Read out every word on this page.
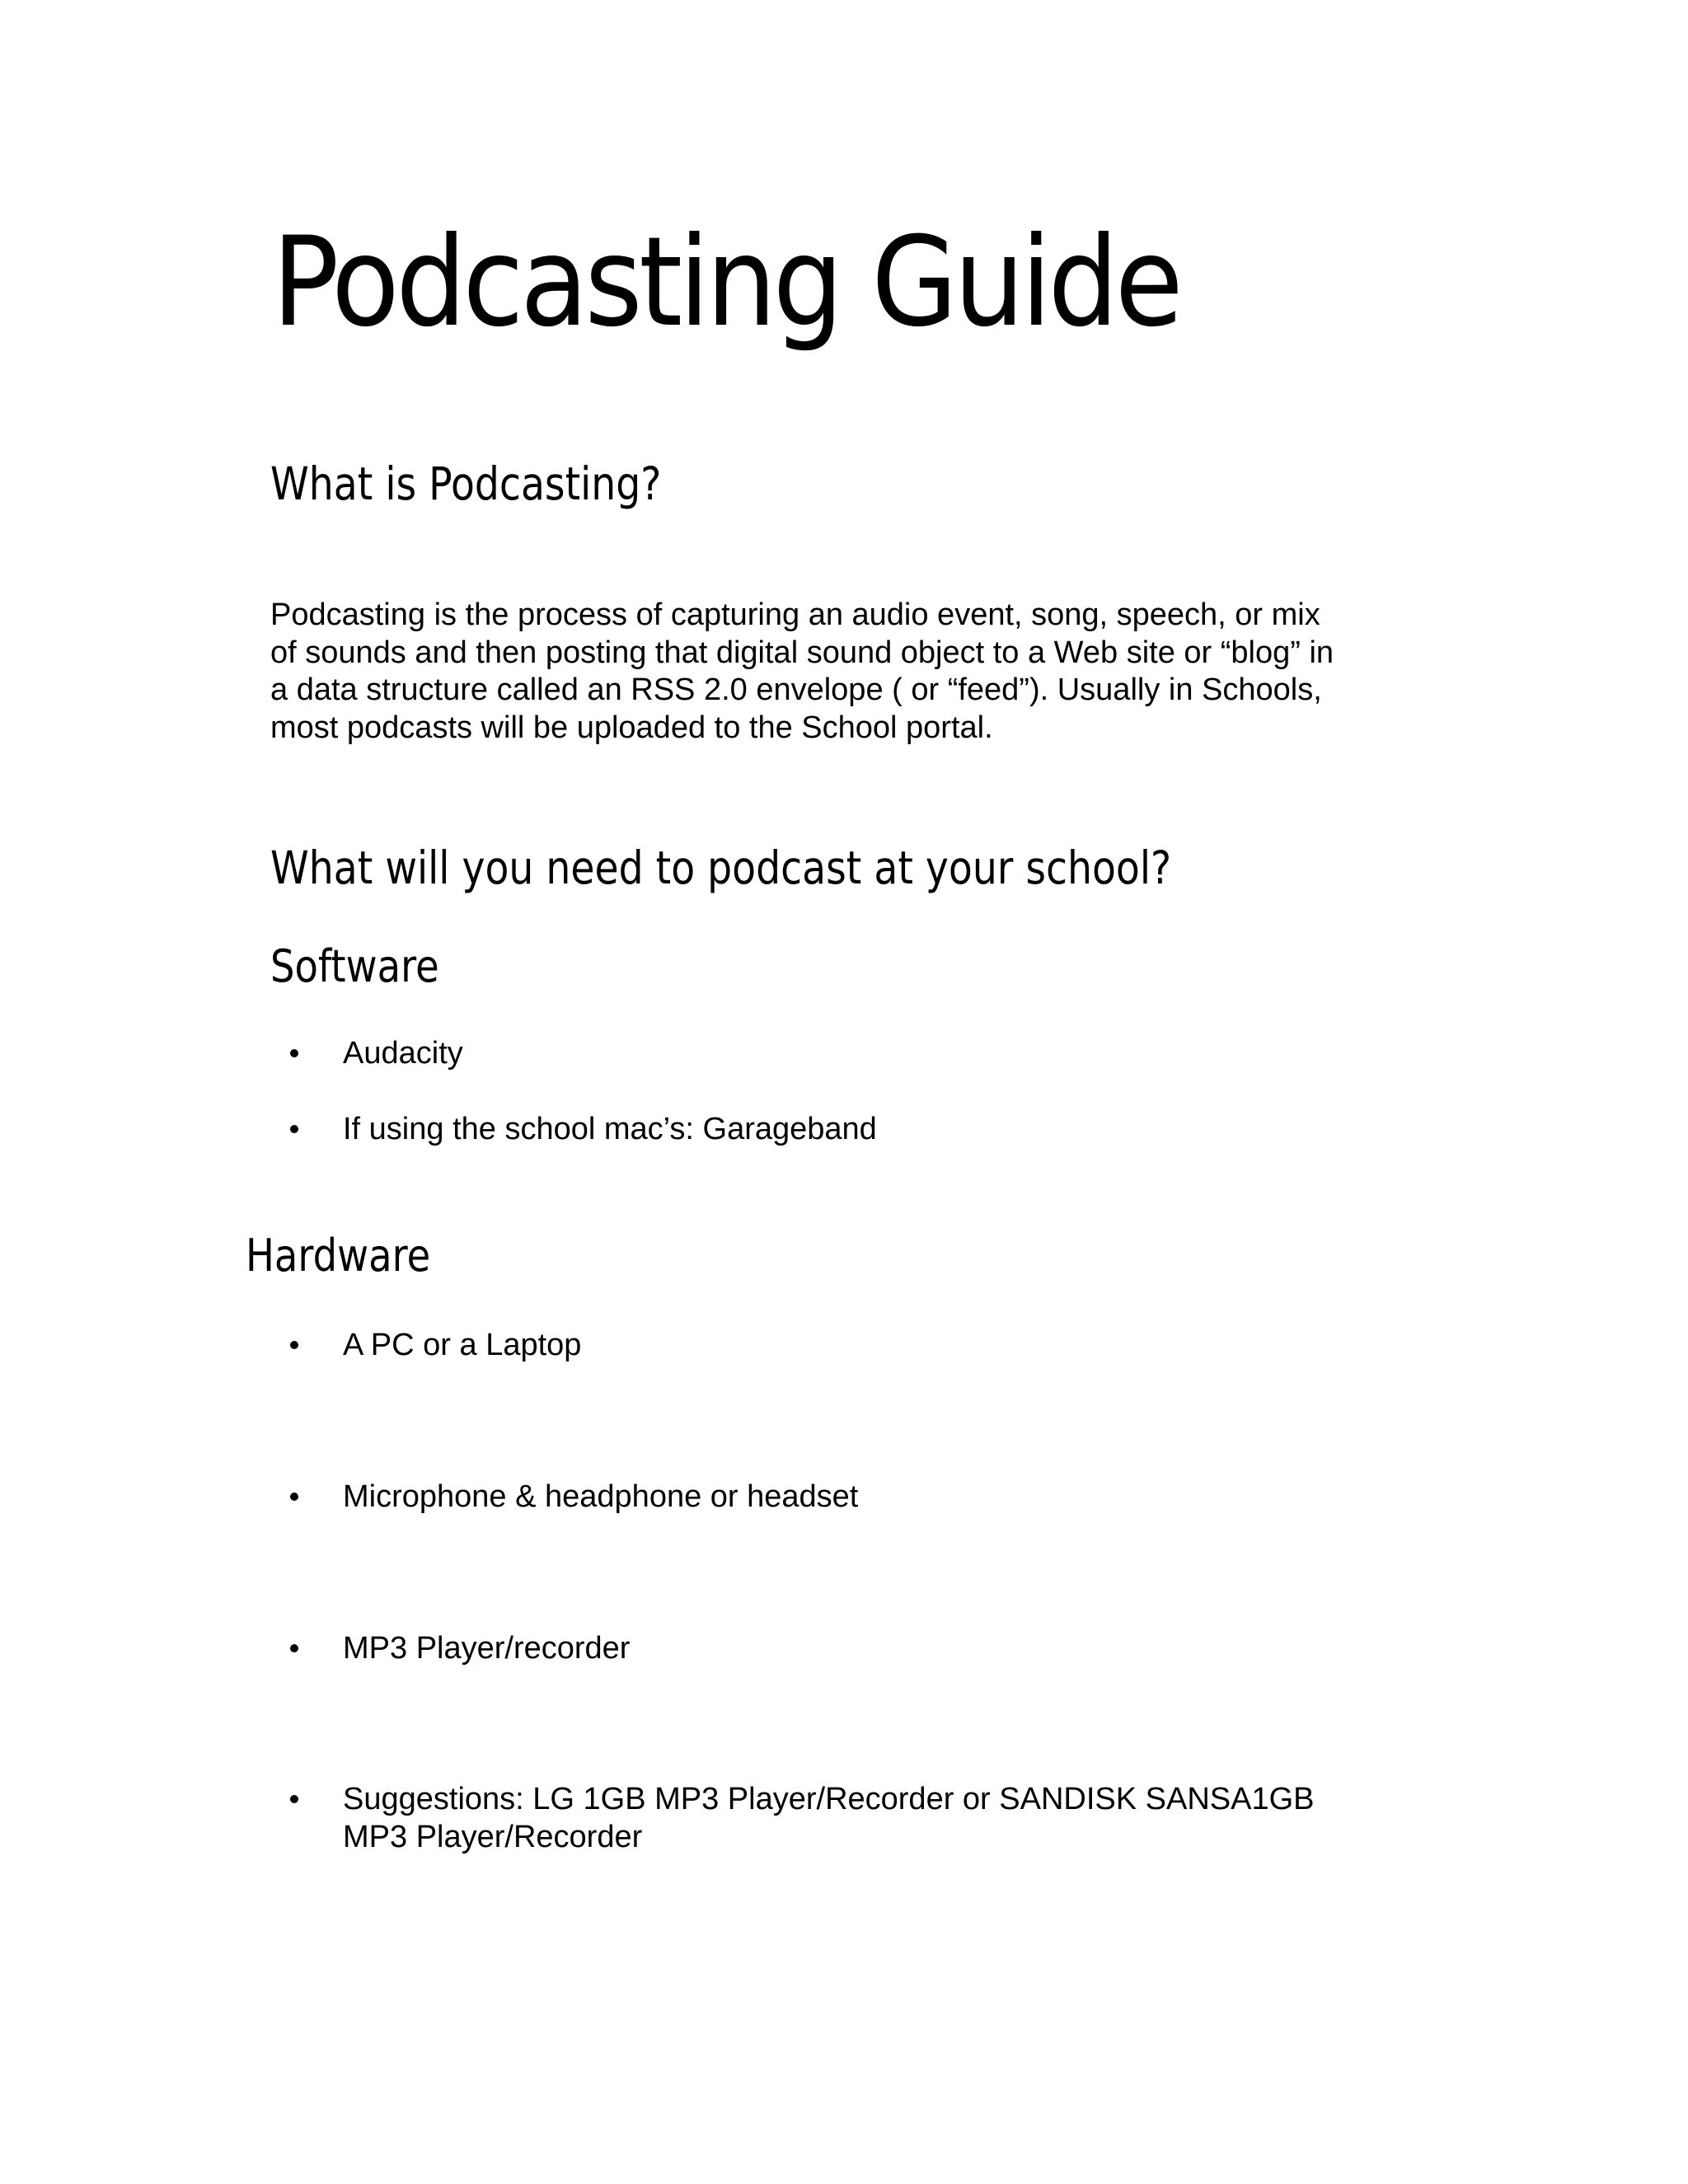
Podcasting Guide
What is Podcasting?

Podcasting is the process of capturing an audio event, song, speech, or mix
of sounds and then posting that digital sound object to a Web site or “blog” in
a data structure called an RSS 2.0 envelope ( or “feed”). Usually in Schools,
most podcasts will be uploaded to the School portal.

What will you need to podcast at your school?
Software
Audacity
If using the school mac’s: Garageband
Hardware
A PC or a Laptop
Microphone & headphone or headset
MP3 Player/recorder
Suggestions: LG 1GB MP3 Player/Recorder or SANDISK SANSA1GB
MP3 Player/Recorder
